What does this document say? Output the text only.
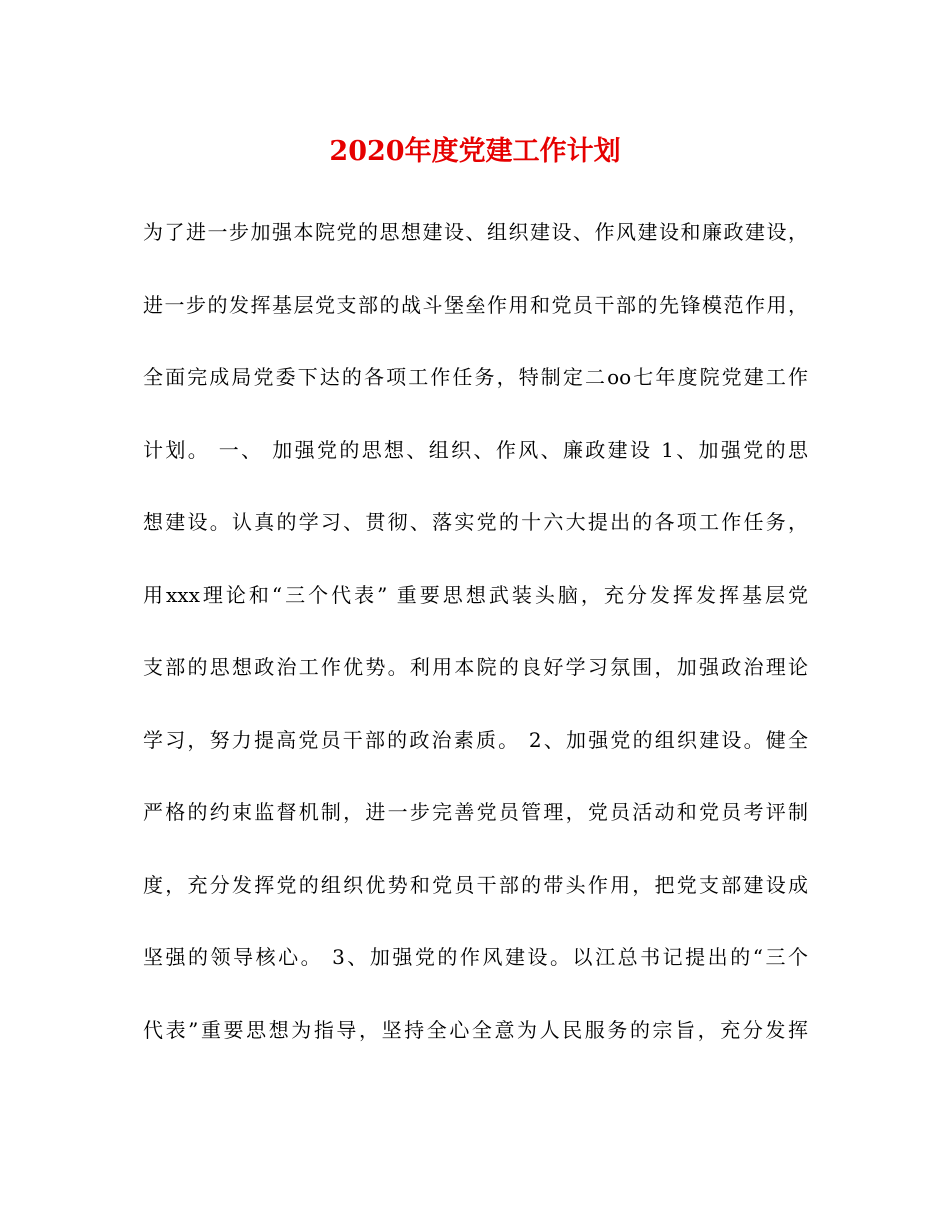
2020年度党建工作计划
为了进一步加强本院党的思想建设、组织建设、作风建设和廉政建设，
进一步的发挥基层党支部的战斗堡垒作用和党员干部的先锋模范作用，
全面完成局党委下达的各项工作任务，特制定二oo七年度院党建工作
计划。 一、 加强党的思想、组织、作风、廉政建设 1、加强党的思
想建设。认真的学习、贯彻、落实党的十六大提出的各项工作任务，
用xxx理论和“三个代表” 重要思想武装头脑，充分发挥发挥基层党
支部的思想政治工作优势。利用本院的良好学习氛围，加强政治理论
学习，努力提高党员干部的政治素质。 2、加强党的组织建设。健全
严格的约束监督机制，进一步完善党员管理，党员活动和党员考评制
度，充分发挥党的组织优势和党员干部的带头作用，把党支部建设成
坚强的领导核心。 3、加强党的作风建设。以江总书记提出的“三个
代表”重要思想为指导，坚持全心全意为人民服务的宗旨，充分发挥
